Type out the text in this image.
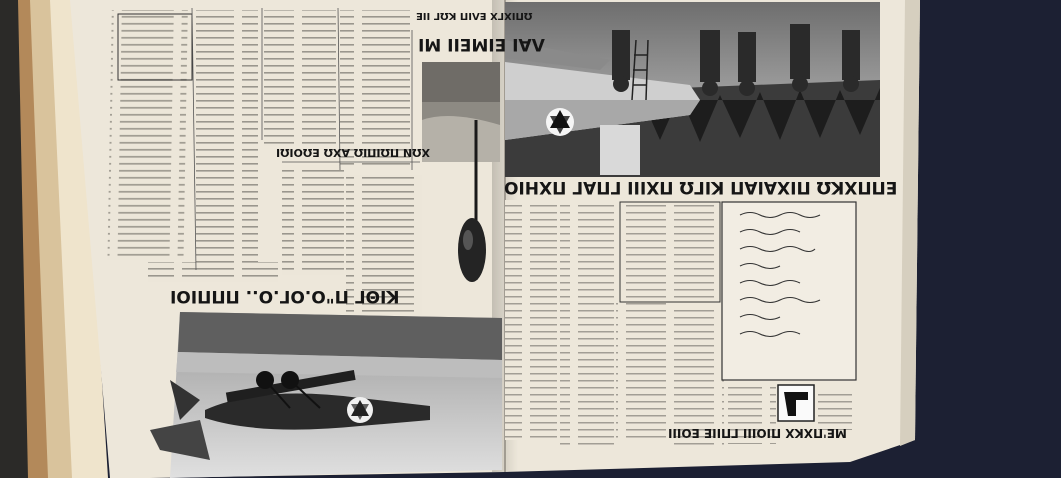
ΛΑΙ ΕΙΜΕΙΙ ΜΙ
ΩΠΙΧΓΧ ΕΛΙΠ ΚΩΓ ΙΙΕ
ΧΩΝ ΠΩΙΠΙΩ ΑΧΩ ΕΩΟΙΩΙ
ΚΙΘΓ Π"Ο.ΟΓ.Ο.. ΠΠΠΙΟΙ
ΕΠΠΧΚΩ ΠΙΧΑΙΑΠ ΚΙΓΩ ΠΧΙΙΙ ΓΠΑΓ ΠΧΗΙΟ
ΜΕ'ΠΧΚΧ ΠΙΟΙΙΙ ΓΠΙΙΕ ΕΟΙΙΙ
